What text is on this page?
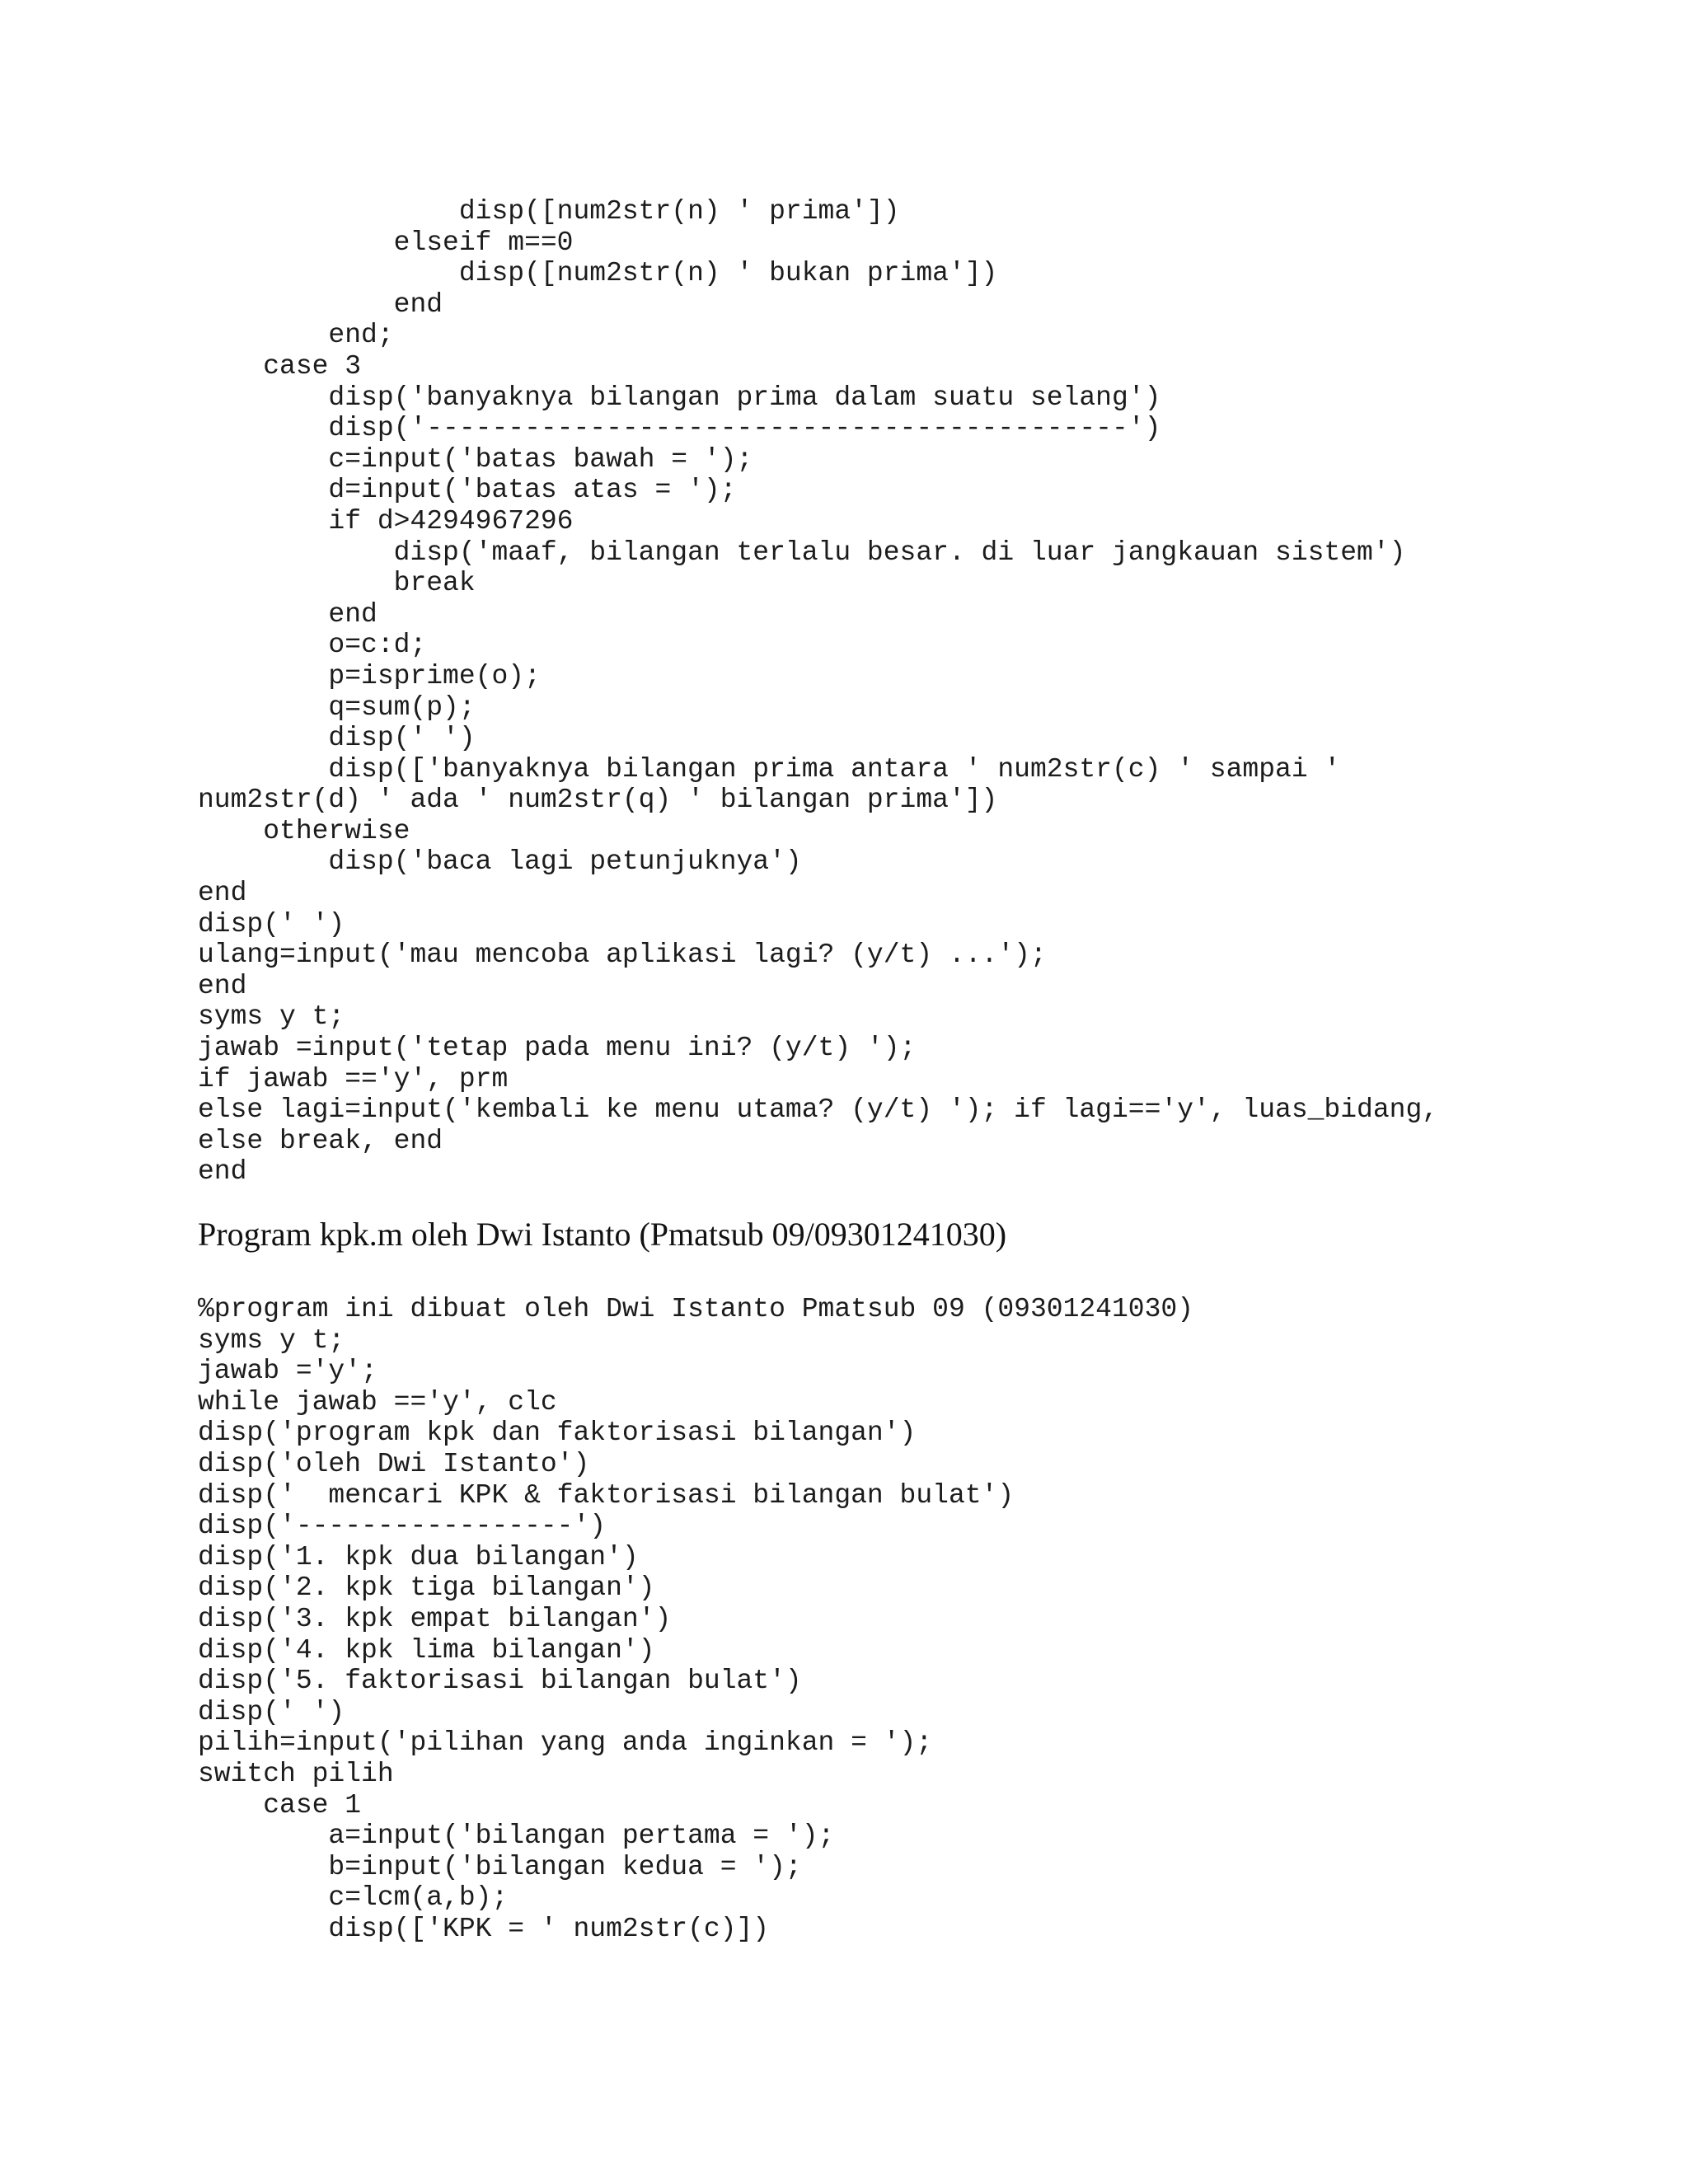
disp([num2str(n) ' prima'])
elseif m==0
disp([num2str(n) ' bukan prima'])
end
end;
case 3
disp('banyaknya bilangan prima dalam suatu selang')
disp('-------------------------------------------')
c=input('batas bawah = ');
d=input('batas atas = ');
if d>4294967296
disp('maaf, bilangan terlalu besar. di luar jangkauan sistem')
break
end
o=c:d;
p=isprime(o);
q=sum(p);
disp(' ')
disp(['banyaknya bilangan prima antara ' num2str(c) ' sampai '
num2str(d) ' ada ' num2str(q) ' bilangan prima'])
otherwise
disp('baca lagi petunjuknya')
end
disp(' ')
ulang=input('mau mencoba aplikasi lagi? (y/t) ...');
end
syms y t;
jawab =input('tetap pada menu ini? (y/t) ');
if jawab =='y', prm
else lagi=input('kembali ke menu utama? (y/t) '); if lagi=='y', luas_bidang,
else break, end
end
Program kpk.m oleh Dwi Istanto (Pmatsub 09/09301241030)
%program ini dibuat oleh Dwi Istanto Pmatsub 09 (09301241030)
syms y t;
jawab ='y';
while jawab =='y', clc
disp('program kpk dan faktorisasi bilangan')
disp('oleh Dwi Istanto')
disp('  mencari KPK & faktorisasi bilangan bulat')
disp('-----------------')
disp('1. kpk dua bilangan')
disp('2. kpk tiga bilangan')
disp('3. kpk empat bilangan')
disp('4. kpk lima bilangan')
disp('5. faktorisasi bilangan bulat')
disp(' ')
pilih=input('pilihan yang anda inginkan = ');
switch pilih
case 1
a=input('bilangan pertama = ');
b=input('bilangan kedua = ');
c=lcm(a,b);
disp(['KPK = ' num2str(c)])
